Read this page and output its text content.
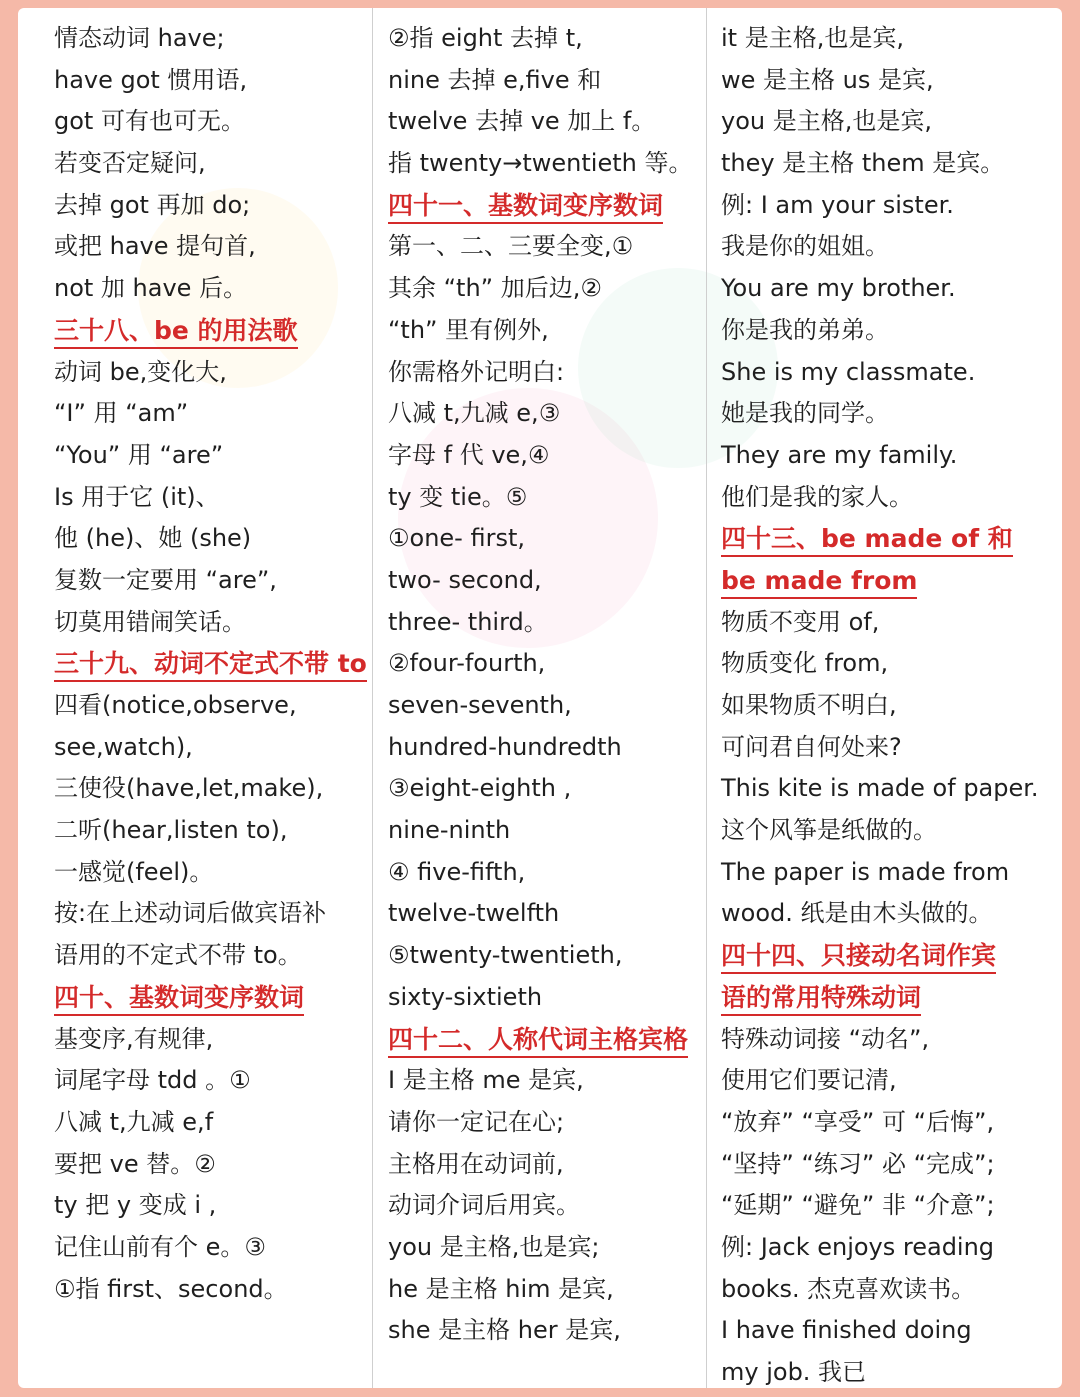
情态动词 have;
have got 惯用语,
got 可有也可无。
若变否定疑问,
去掉 got 再加 do;
或把 have 提句首,
not 加 have 后。
三十八、be 的用法歌
动词 be,变化大,
“I” 用 “am”
“You” 用 “are”
Is 用于它 (it)、
他 (he)、她 (she)
复数一定要用 “are”,
切莫用错闹笑话。
三十九、动词不定式不带 to
四看(notice,observe,
see,watch),
三使役(have,let,make),
二听(hear,listen to),
一感觉(feel)。
按:在上述动词后做宾语补
语用的不定式不带 to。
四十、基数词变序数词
基变序,有规律,
词尾字母 tdd 。①
八减 t,九减 e,f
要把 ve 替。②
ty 把 y 变成 i ,
记住山前有个 e。③
①指 first、second。
②指 eight 去掉 t,
nine 去掉 e,five 和
twelve 去掉 ve 加上 f。
指 twenty→twentieth 等。
四十一、基数词变序数词
第一、二、三要全变,①
其余 “th” 加后边,②
“th” 里有例外,
你需格外记明白:
八减 t,九减 e,③
字母 f 代 ve,④
ty 变 tie。⑤
①one- first,
two- second,
three- third。
②four-fourth,
seven-seventh,
hundred-hundredth
③eight-eighth ,
nine-ninth
④ five-fifth,
twelve-twelfth
⑤twenty-twentieth,
sixty-sixtieth
四十二、人称代词主格宾格
I 是主格 me 是宾,
请你一定记在心;
主格用在动词前,
动词介词后用宾。
you 是主格,也是宾;
he 是主格 him 是宾,
she 是主格 her 是宾,
it 是主格,也是宾,
we 是主格 us 是宾,
you 是主格,也是宾,
they 是主格 them 是宾。
例: I am your sister.
我是你的姐姐。
You are my brother.
你是我的弟弟。
She is my classmate.
她是我的同学。
They are my family.
他们是我的家人。
四十三、be made of 和
be made from
物质不变用 of,
物质变化 from,
如果物质不明白,
可问君自何处来?
This kite is made of paper.
这个风筝是纸做的。
The paper is made from
wood. 纸是由木头做的。
四十四、只接动名词作宾
语的常用特殊动词
特殊动词接 “动名”,
使用它们要记清,
“放弃” “享受” 可 “后悔”,
“坚持” “练习” 必 “完成”;
“延期” “避免” 非 “介意”;
例: Jack enjoys reading
books. 杰克喜欢读书。
I have finished doing
my job. 我已
